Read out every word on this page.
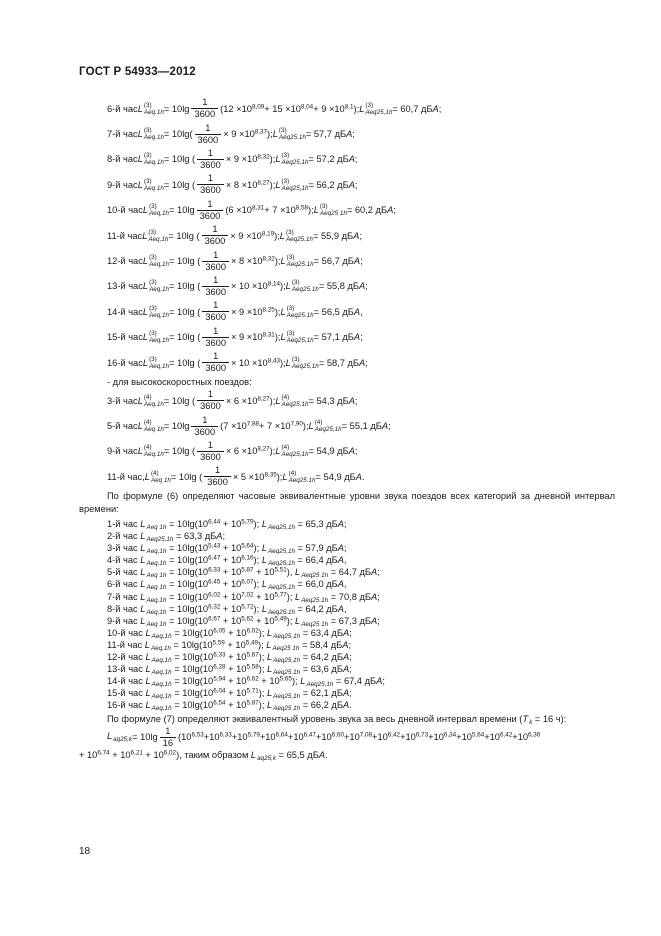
ГОСТ Р 54933—2012
6-й час L (3)
$Aeq.1h = 10\lg \frac{1}{3600} (12 \times 10^{8,09} + 15 \times 10^{8,04} + 9 \times 10^{8,1}$ ); L (3)
Aeq25,1h = 60,7 дБ A ;
7-й час L (3)
$Aeq.1h = 10\lg( \frac{1}{3600} \times 9 \times 10^{8,37}$ ); L (3)
Aeq25.1h = 57,7 дБ A ;
8-й час L (3)
Aeq.1h = 10lg ( $\frac{1}{3600} \times 9 \times 10^{8,32}$ ); L (3)
Aeq25,1h = 57,2 дБ A ;
9-й час L (3)
Aeq 1h = 10lg ( $\frac{1}{3600} \times 8 \times 10^{8,27}$ ); L (3)
Aeq25,1h = 56,2 дБ A ;
10-й час L (3)
$Aeq,1h = 10\lg \frac{1}{3600} (6 \times 10^{8,31} + 7 \times 10^{8,58}$ ); L (3)
Aeq25 1h = 60,2 дБ A ;
11-й час L (3)
Aeq,1h = 10lg ( $\frac{1}{3600} \times 9 \times 10^{8,19}$ ); L (3)
Aeq25.1h = 55,9 дБ A ;
12-й час L (3)
Aeq,1h = 10lg ( $\frac{1}{3600} \times 8 \times 10^{8,32}$ ); L (3)
Aeq25.1h = 56,7 дБ A ;
13-й час L (3)
Aeq,1h = 10lg ( $\frac{1}{3600} \times 10 \times 10^{8,14}$ ); L (3)
Aeq25,1h = 55,8 дБ A ;
14-й час L (3)
Aeq,1h = 10lg ( $\frac{1}{3600} \times 9 \times 10^{8,25}$ ); L (3)
Aeq25.1h = 56,5 дБ A ,
15-й час L (3)
Aeq,1h = 10lg ( $\frac{1}{3600} \times 9 \times 10^{8,31}$ ); L (3)
Aeq25,1h = 57,1 дБ A ;
16-й час L (3)
Aeq,1h = 10lg ( $\frac{1}{3600} \times 10 \times 10^{8,43}$ ); L (3)
Aeq25,1h = 58,7 дБ A ;
- для высокоскоростных поездов:
3-й час L (4)
Aeq.1h = 10lg ( $\frac{1}{3600} \times 6 \times 10^{8,27}$ ); L (4)
Aeq25.1h = 54,3 дБ A ;
5-й час L (4)
Aeq $1h = 10\lg \frac{1}{3600} (7 \times 10^{7,88} + 7 \times 10^{7,90}$ ); L (4)
Aeq25,1h = 55,1 дБ A ;
9-й час L (4)
Aeq.1h = 10lg ( $\frac{1}{3600} \times 6 \times 10^{8,27}$ ); L (4)
Aeq25,1h = 54,9 дБ A ;
11-й час, L (4)
Aeq 1h = 10lg ( $\frac{1}{3600} \times 5 \times 10^{8,35}$ ); L (4)
Aeq25.1h = 54,9 дБ A .
По формуле (6) определяют часовые эквивалентные уровни звука поездов всех категорий за дневной интервал времени:
1-й час $L_{Aeq 1h} = 10\lg(10^{6,44} + 10^{5,79})$; $L_{Aeq25,1h} = 65,3$ дБA;
2-й час $L_{Aeq25,1h} = 63,3$ дБA;
3-й час $L_{Aeq,1h} = 10\lg(10^{5,43} + 10^{5,64})$; $L_{Aeq25,1h} = 57,9$ дБA;
4-й час $L_{Aeq,1h} = 10\lg(10^{6,47} + 10^{6,16})$; $L_{Aeq25,1h} = 66,4$ дБA,
5-й час $L_{Aeq 1h} = 10\lg(10^{6,33} + 10^{5,87} + 10^{5,51})$, $L_{Aeq25 1h} = 64,7$ дБA;
6-й час $L_{Aeq 1h} = 10\lg(10^{6,45} + 10^{6,07})$; $L_{Aeq25,1h} = 66,0$ дБA,
7-й час $L_{Aeq,1h} = 10\lg(10^{6,02} + 10^{7,02} + 10^{5,77})$; $L_{Aeq25.1h} = 70,8$ дБA;
8-й час $L_{Aeq,1h} = 10\lg(10^{6,32} + 10^{5,72})$; $L_{Aeq25.1h} = 64,2$ дБA,
9-й час $L_{Aeq 1h} = 10\lg(10^{6,67} + 10^{5,62} + 10^{5,49})$; $L_{Aeq25 1h} = 67,3$ дБA;
10-й час $L_{Aeq,1h} = 10\lg(10^{6,05} + 10^{6,02})$; $L_{Aeq25.1h} = 63,4$ дБA;
11-й час $L_{Aeq,1h} = 10\lg(10^{5,59} + 10^{5,49})$; $L_{Aeq25 1h} = 58,4$ дБA;
12-й час $L_{Aeq,1h} = 10\lg(10^{6,33} + 10^{5,67})$; $L_{Aeq25,1h} = 64,2$ дБA;
13-й час $L_{Aeq,1h} = 10\lg(10^{6,28} + 10^{5,58})$; $L_{Aeq25.1h} = 63,6$ дБA;
14-й час $L_{Aeq,1h} = 10\lg(10^{5,94} + 10^{6,62} + 10^{5,65})$; $L_{Aeq25,1h} = 67,4$ дБA;
15-й час $L_{Aeq,1h} = 10\lg(10^{6,04} + 10^{5,71})$; $L_{Aeq25,1h} = 62,1$ дБA;
16-й час $L_{Aeq,1h} = 10\lg(10^{6,54} + 10^{5,87})$; $L_{Aeq25 1h} = 66,2$ дБA.
По формуле (7) определяют эквивалентный уровень звука за весь дневной интервал времени ($T_k = 16$ ч):
$L_{aq25,k} = 10\lg \frac{1}{16}$ ( $10^{6,53} + 10^{6,33} + 10^{5,79} + 10^{6,64} + 10^{6,47} + 10^{6,60} + 10^{7,08} + 10^{6,42} + 10^{6,73} + 10^{6,34} + 10^{5,64} + 10^{6,42} + 10^{6,36}$
+ $10^{6,74} + 10^{6,21} + 10^{6,02}$), таким образом $L_{aq25,k} = 65,5$ дБA.
18
